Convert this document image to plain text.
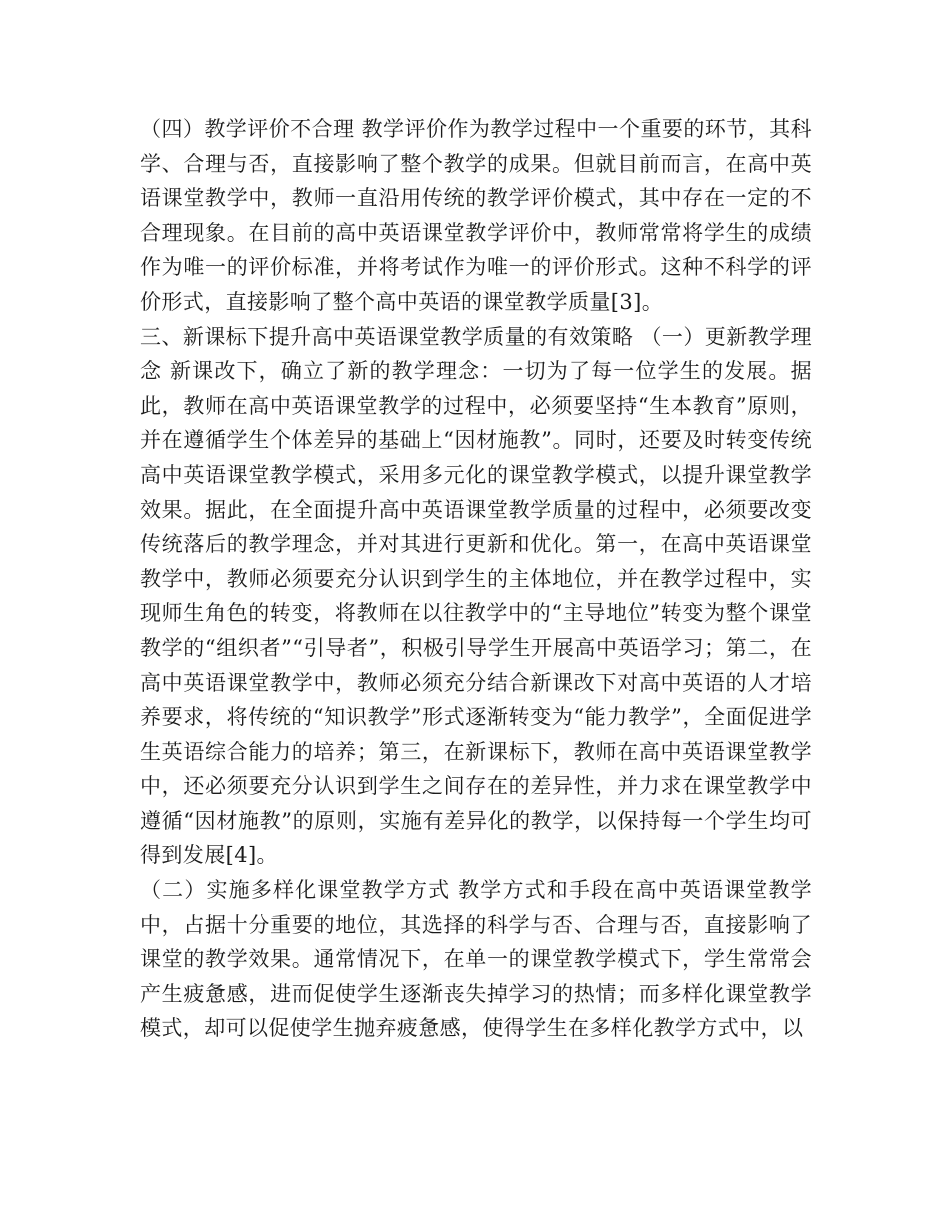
（四）教学评价不合理 教学评价作为教学过程中一个重要的环节，其科学、合理与否，直接影响了整个教学的成果。但就目前而言，在高中英语课堂教学中，教师一直沿用传统的教学评价模式，其中存在一定的不合理现象。在目前的高中英语课堂教学评价中，教师常常将学生的成绩作为唯一的评价标准，并将考试作为唯一的评价形式。这种不科学的评价形式，直接影响了整个高中英语的课堂教学质量[3]。

三、新课标下提升高中英语课堂教学质量的有效策略 （一）更新教学理念 新课改下，确立了新的教学理念：一切为了每一位学生的发展。据此，教师在高中英语课堂教学的过程中，必须要坚持“生本教育”原则，并在遵循学生个体差异的基础上“因材施教”。同时，还要及时转变传统高中英语课堂教学模式，采用多元化的课堂教学模式，以提升课堂教学效果。据此，在全面提升高中英语课堂教学质量的过程中，必须要改变传统落后的教学理念，并对其进行更新和优化。第一，在高中英语课堂教学中，教师必须要充分认识到学生的主体地位，并在教学过程中，实现师生角色的转变，将教师在以往教学中的“主导地位”转变为整个课堂教学的“组织者”“引导者”，积极引导学生开展高中英语学习；第二，在高中英语课堂教学中，教师必须充分结合新课改下对高中英语的人才培养要求，将传统的“知识教学”形式逐渐转变为“能力教学”，全面促进学生英语综合能力的培养；第三，在新课标下，教师在高中英语课堂教学中，还必须要充分认识到学生之间存在的差异性，并力求在课堂教学中遵循“因材施教”的原则，实施有差异化的教学，以保持每一个学生均可得到发展[4]。

（二）实施多样化课堂教学方式 教学方式和手段在高中英语课堂教学中，占据十分重要的地位，其选择的科学与否、合理与否，直接影响了课堂的教学效果。通常情况下，在单一的课堂教学模式下，学生常常会产生疲惫感，进而促使学生逐渐丧失掉学习的热情；而多样化课堂教学模式，却可以促使学生抛弃疲惫感，使得学生在多样化教学方式中，以
